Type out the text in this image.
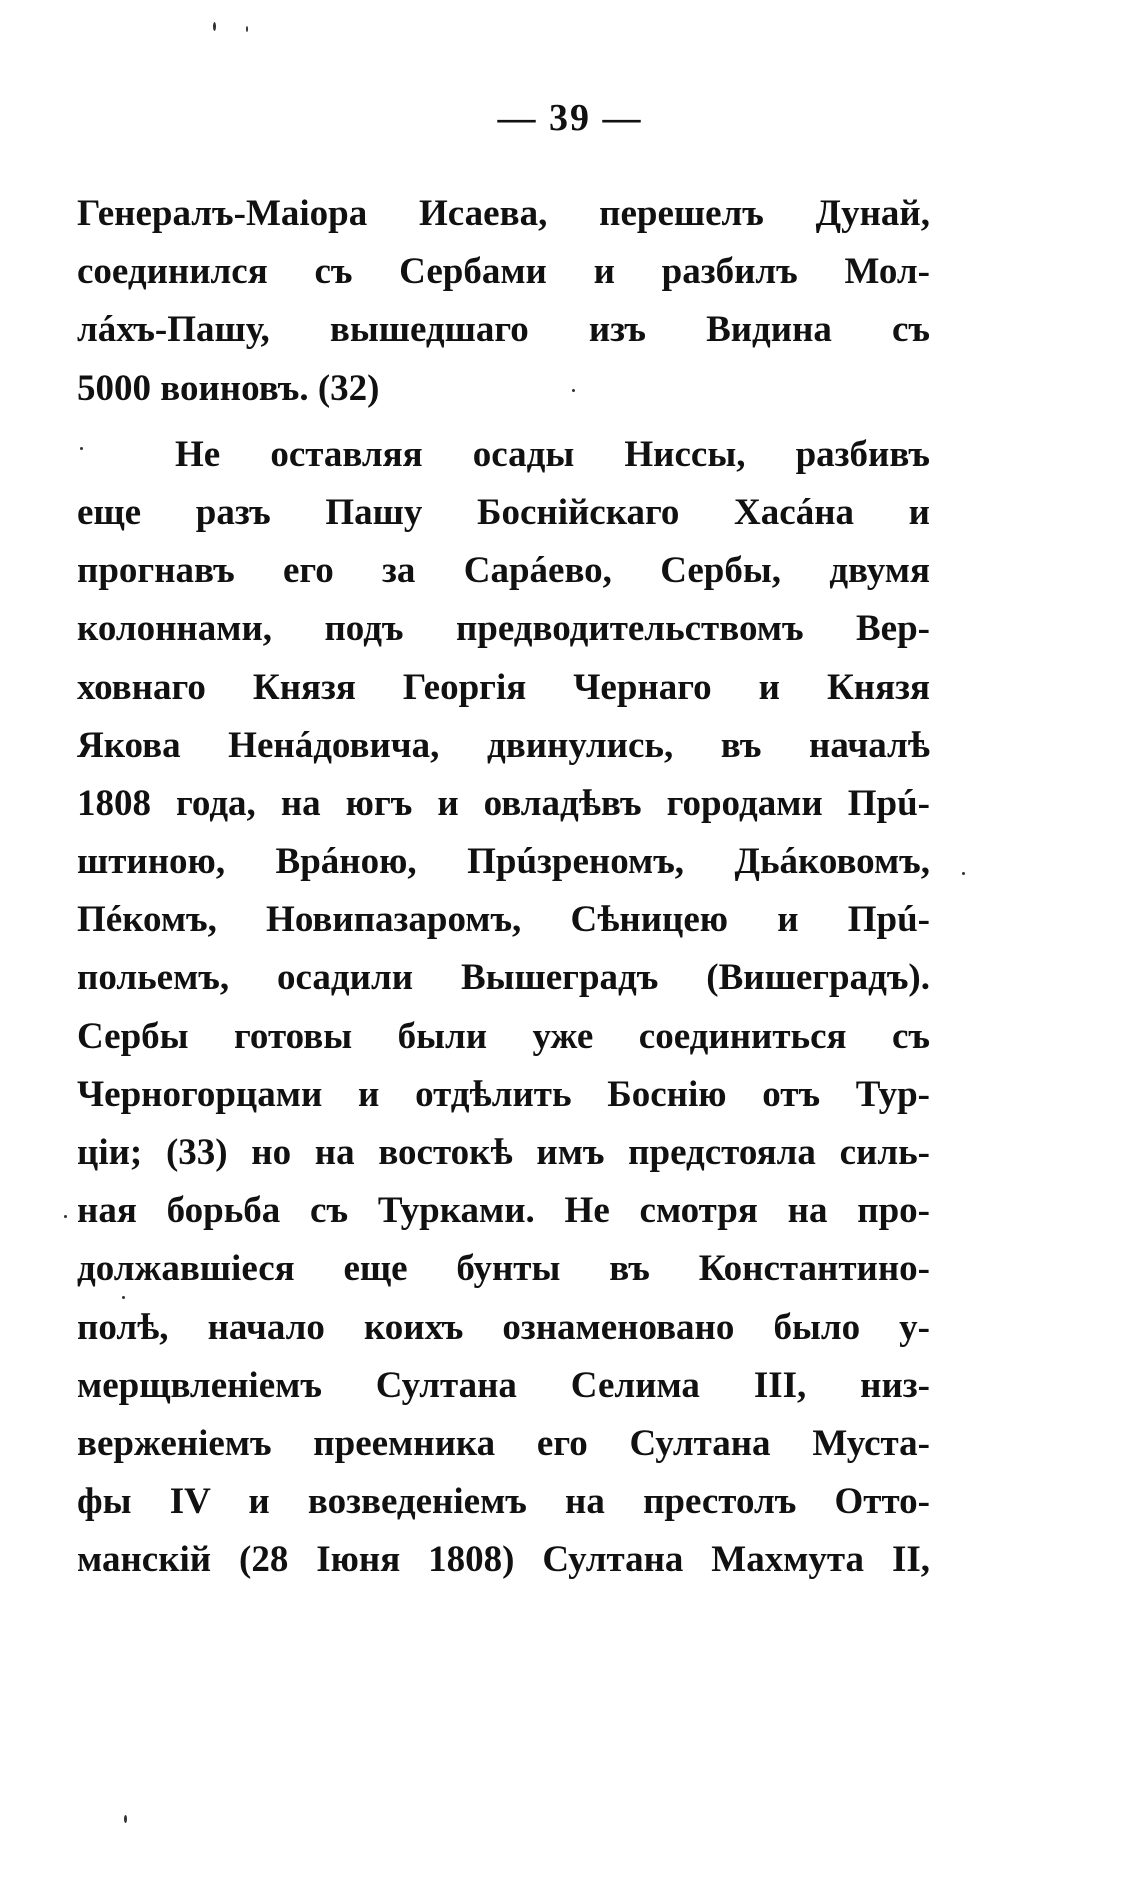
— 39 —
Генералъ-Маіора Исаева, перешелъ Дунай,
соединился съ Сербами и разбилъ Мол-
лáхъ-Пашу, вышедшаго изъ Видина съ
5000 воиновъ. (32)
Не оставляя осады Ниссы, разбивъ
еще разъ Пашу Боснійскаго Хасáна и
прогнавъ его за Сарáево, Сербы, двумя
колоннами, подъ предводительствомъ Вер-
ховнаго Князя Георгія Чернаго и Князя
Якова Ненáдовича, двинулись, въ началѣ
1808 года, на югъ и овладѣвъ городами Прú-
штиною, Врáною, Прúзреномъ, Дьáковомъ,
Пéкомъ, Новипазаромъ, Сѣницею и Прú-
польемъ, осадили Вышеградъ (Вишеградъ).
Сербы готовы были уже соединиться съ
Черногорцами и отдѣлить Боснію отъ Тур-
ціи; (33) но на востокѣ имъ предстояла силь-
ная борьба съ Турками. Не смотря на про-
должавшіеся еще бунты въ Константино-
полѣ, начало коихъ ознаменовано было у-
мерщвленіемъ Султана Селима III, низ-
верженіемъ преемника его Султана Муста-
фы IV и возведеніемъ на престолъ Отто-
манскій (28 Іюня 1808) Султана Махмута II,
